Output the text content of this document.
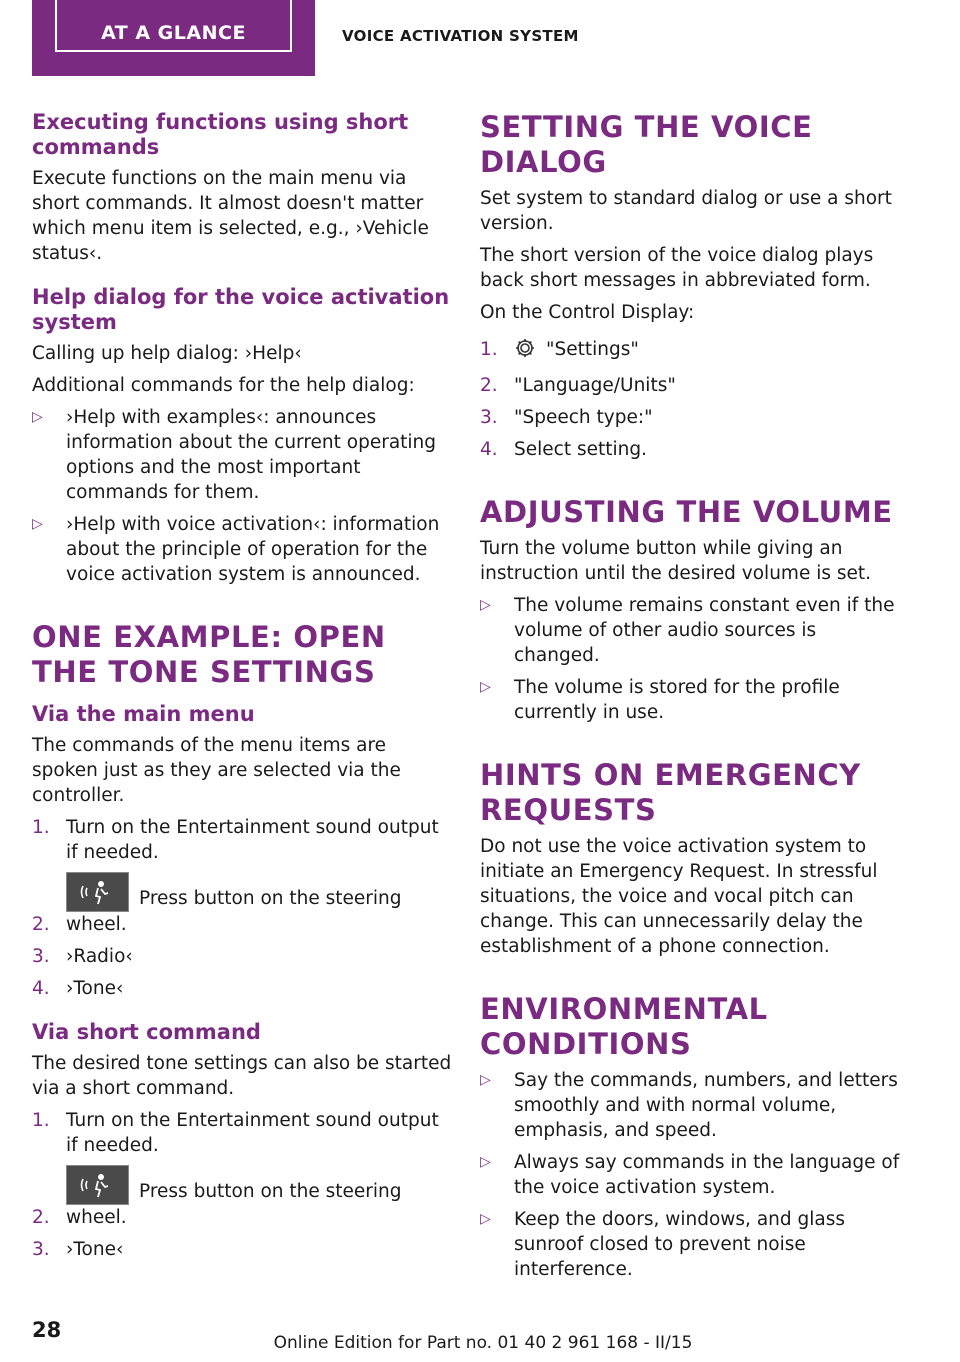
AT A GLANCE	VOICE ACTIVATION SYSTEM
Executing functions using short commands
Execute functions on the main menu via short commands. It almost doesn't matter which menu item is selected, e.g., ›Vehicle status‹.
Help dialog for the voice activation system
Calling up help dialog: ›Help‹
Additional commands for the help dialog:
▷	›Help with examples‹: announces information about the current operating options and the most important commands for them.
▷	›Help with voice activation‹: information about the principle of operation for the voice activation system is announced.
ONE EXAMPLE: OPEN THE TONE SETTINGS
Via the main menu
The commands of the menu items are spoken just as they are selected via the controller.
1. Turn on the Entertainment sound output if needed.
2.
Press button on the steering wheel.
3. ›Radio‹
4. ›Tone‹
Via short command
The desired tone settings can also be started via a short command.
1. Turn on the Entertainment sound output if needed.
2.
Press button on the steering wheel.
3. ›Tone‹
SETTING THE VOICE DIALOG
Set system to standard dialog or use a short version.
The short version of the voice dialog plays back short messages in abbreviated form.
On the Control Display:
1.	"Settings"
2. "Language/Units"
3. "Speech type:"
4. Select setting.
ADJUSTING THE VOLUME
Turn the volume button while giving an instruction until the desired volume is set.
▷	The volume remains constant even if the volume of other audio sources is changed.
▷	The volume is stored for the profile currently in use.
HINTS ON EMERGENCY REQUESTS
Do not use the voice activation system to initiate an Emergency Request. In stressful situations, the voice and vocal pitch can change. This can unnecessarily delay the establishment of a phone connection.
ENVIRONMENTAL CONDITIONS
▷	Say the commands, numbers, and letters smoothly and with normal volume, emphasis, and speed.
▷	Always say commands in the language of the voice activation system.
▷	Keep the doors, windows, and glass sunroof closed to prevent noise interference.
28
Online Edition for Part no. 01 40 2 961 168 - II/15
